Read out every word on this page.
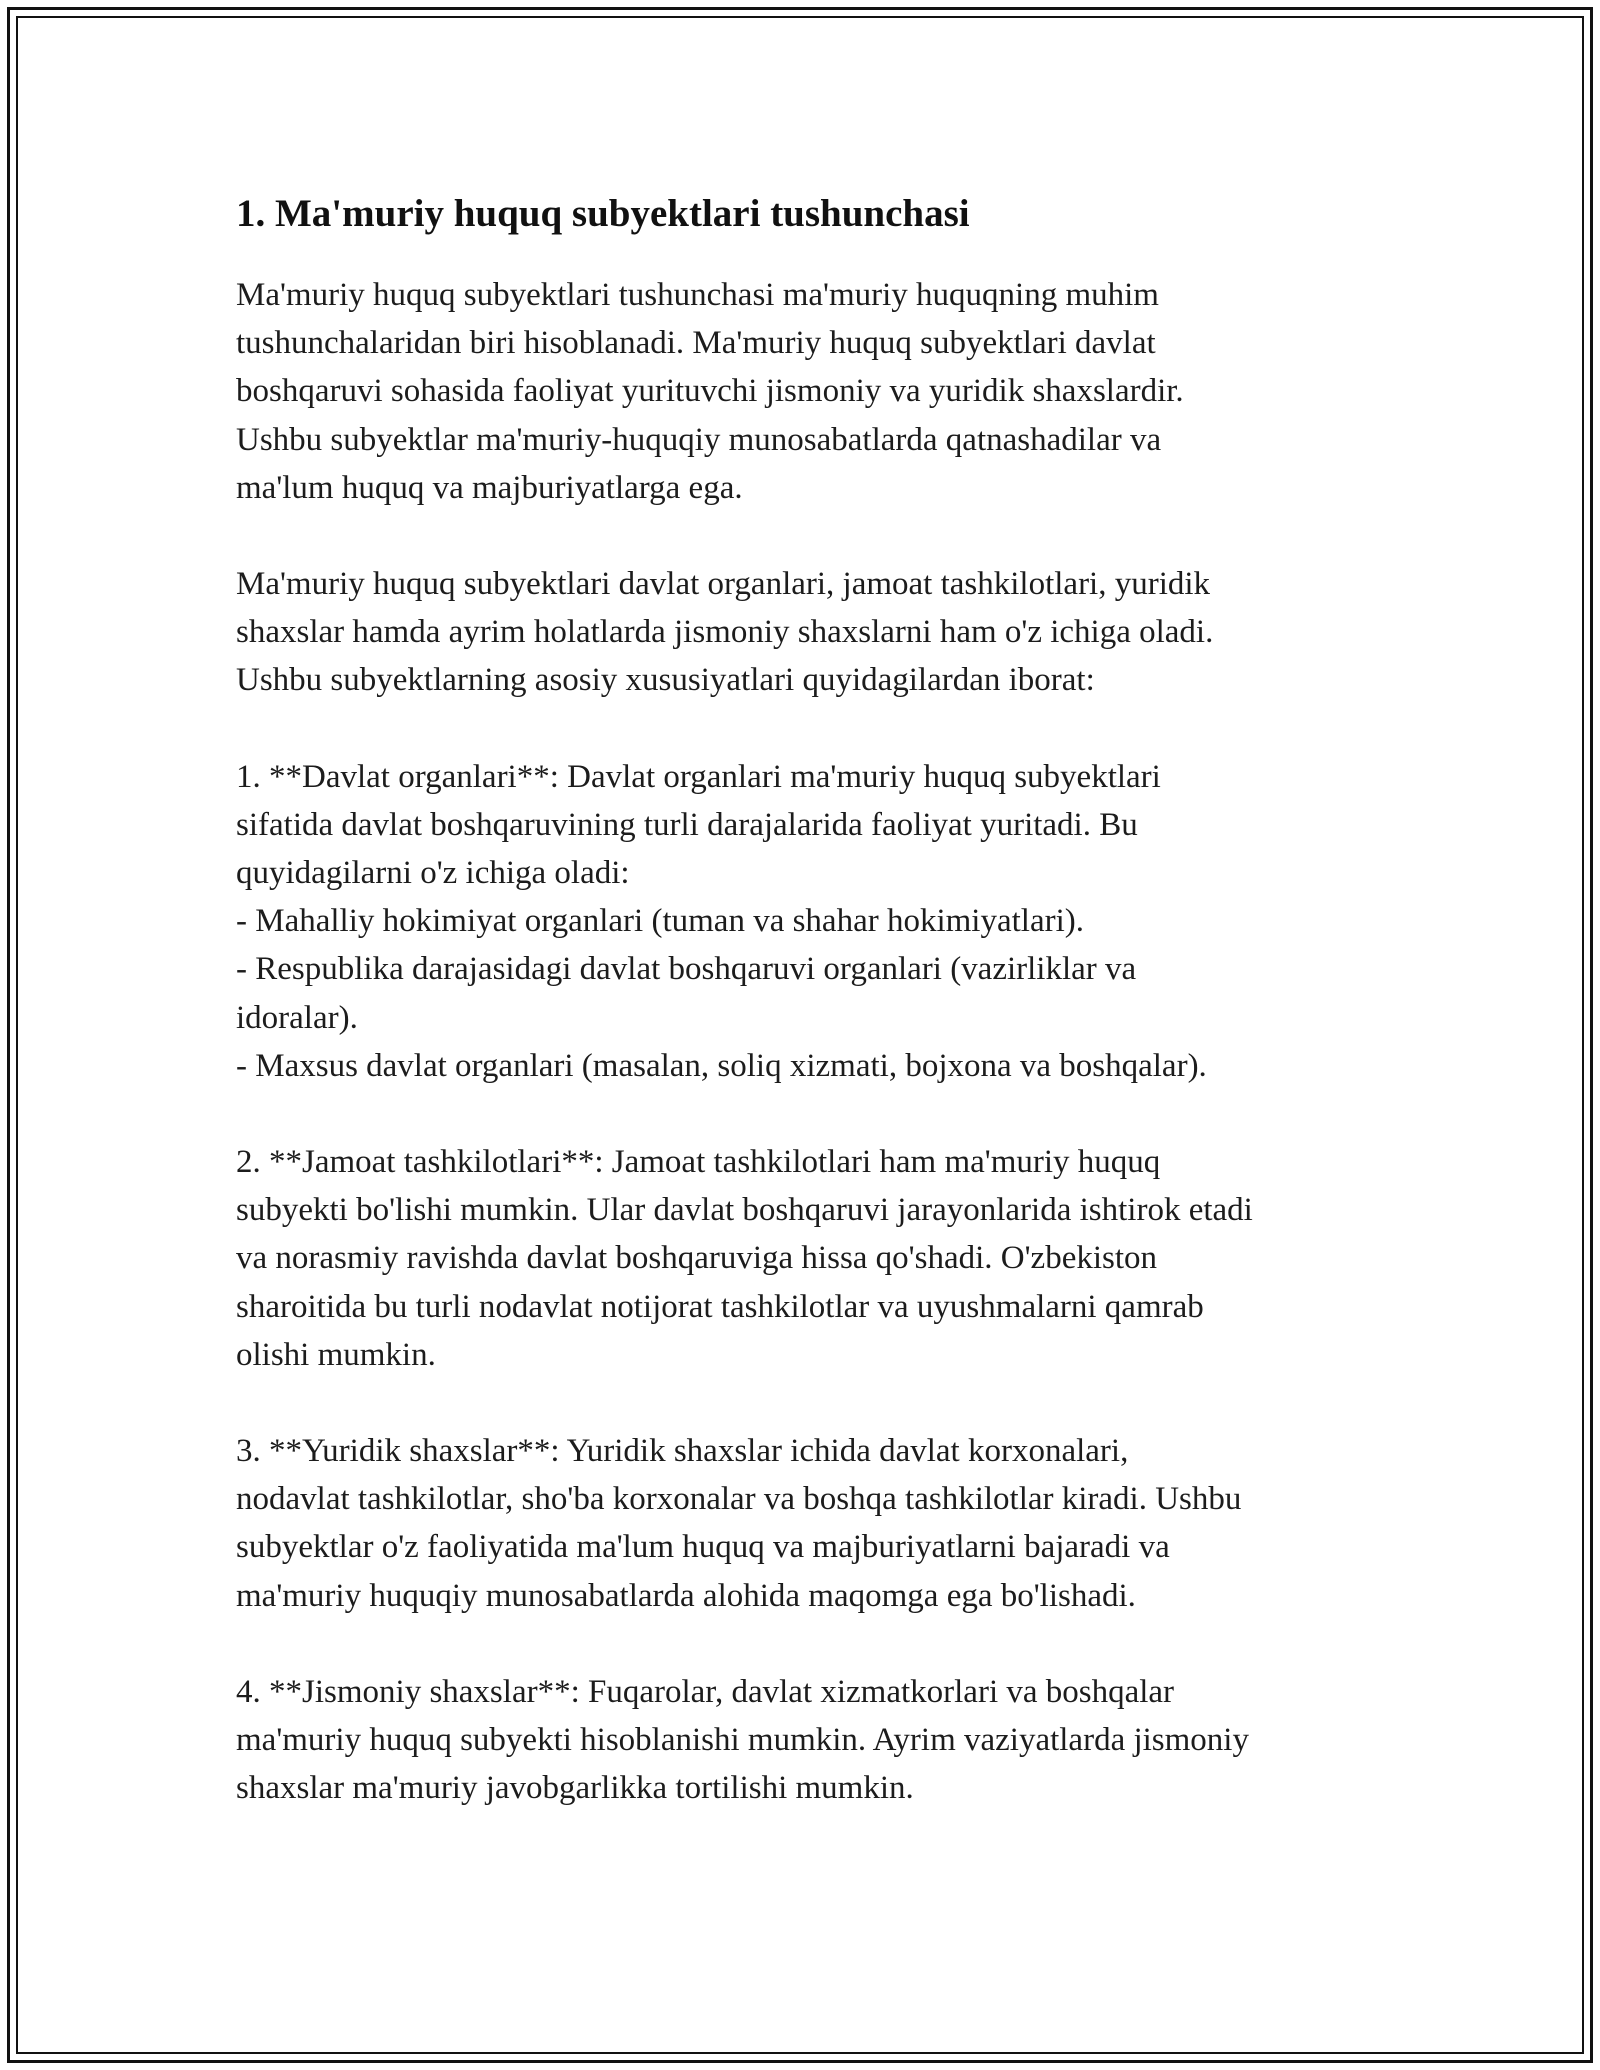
1. Ma'muriy huquq subyektlari tushunchasi

Ma'muriy huquq subyektlari tushunchasi ma'muriy huquqning muhim
tushunchalaridan biri hisoblanadi. Ma'muriy huquq subyektlari davlat
boshqaruvi sohasida faoliyat yurituvchi jismoniy va yuridik shaxslardir.
Ushbu subyektlar ma'muriy-huquqiy munosabatlarda qatnashadilar va
ma'lum huquq va majburiyatlarga ega.

Ma'muriy huquq subyektlari davlat organlari, jamoat tashkilotlari, yuridik
shaxslar hamda ayrim holatlarda jismoniy shaxslarni ham o'z ichiga oladi.
Ushbu subyektlarning asosiy xususiyatlari quyidagilardan iborat:

1. **Davlat organlari**: Davlat organlari ma'muriy huquq subyektlari
sifatida davlat boshqaruvining turli darajalarida faoliyat yuritadi. Bu
quyidagilarni o'z ichiga oladi:
- Mahalliy hokimiyat organlari (tuman va shahar hokimiyatlari).
- Respublika darajasidagi davlat boshqaruvi organlari (vazirliklar va
idoralar).
- Maxsus davlat organlari (masalan, soliq xizmati, bojxona va boshqalar).

2. **Jamoat tashkilotlari**: Jamoat tashkilotlari ham ma'muriy huquq
subyekti bo'lishi mumkin. Ular davlat boshqaruvi jarayonlarida ishtirok etadi
va norasmiy ravishda davlat boshqaruviga hissa qo'shadi. O'zbekiston
sharoitida bu turli nodavlat notijorat tashkilotlar va uyushmalarni qamrab
olishi mumkin.

3. **Yuridik shaxslar**: Yuridik shaxslar ichida davlat korxonalari,
nodavlat tashkilotlar, sho'ba korxonalar va boshqa tashkilotlar kiradi. Ushbu
subyektlar o'z faoliyatida ma'lum huquq va majburiyatlarni bajaradi va
ma'muriy huquqiy munosabatlarda alohida maqomga ega bo'lishadi.

4. **Jismoniy shaxslar**: Fuqarolar, davlat xizmatkorlari va boshqalar
ma'muriy huquq subyekti hisoblanishi mumkin. Ayrim vaziyatlarda jismoniy
shaxslar ma'muriy javobgarlikka tortilishi mumkin.
